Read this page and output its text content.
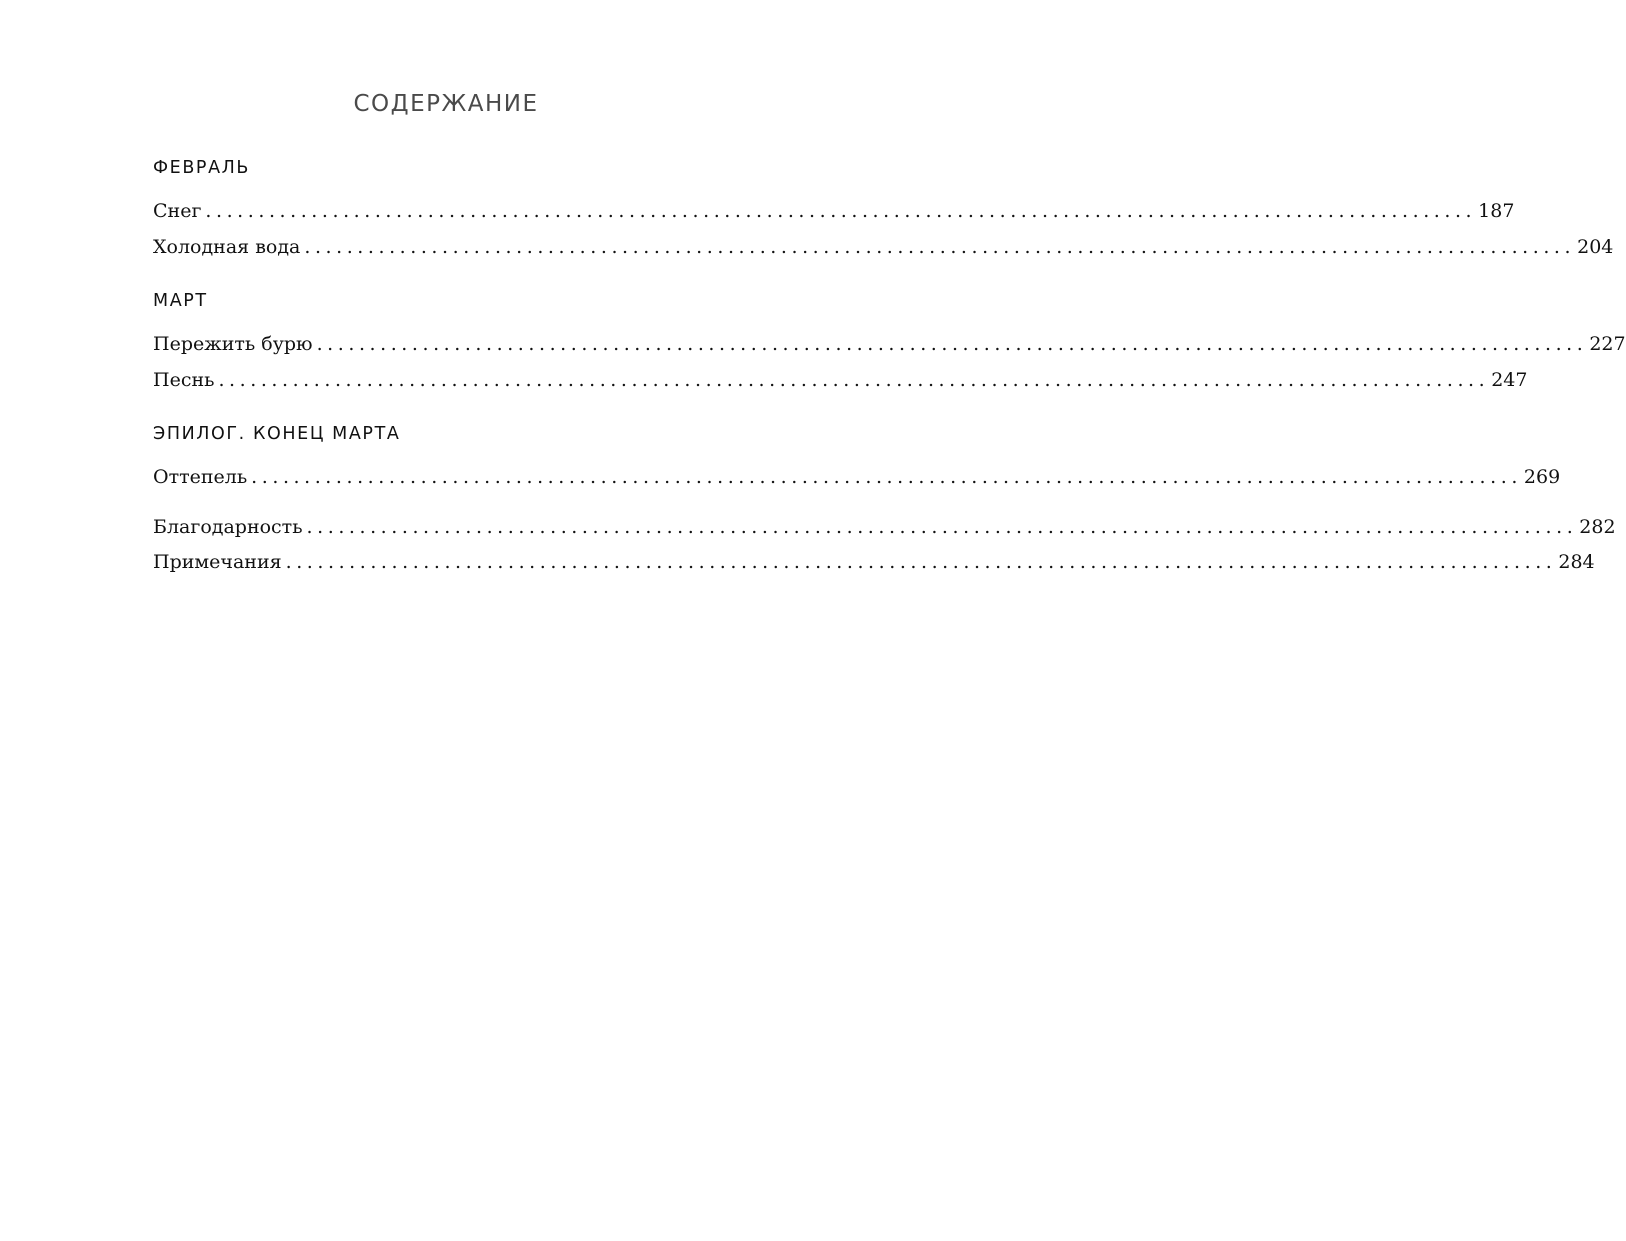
СОДЕРЖАНИЕ
ФЕВРАЛЬ
Снег ........................................................................................................................ 187
Холодная вода ........................................................................................................................ 204
МАРТ
Пережить бурю ........................................................................................................................ 227
Песнь ........................................................................................................................ 247
ЭПИЛОГ. КОНЕЦ МАРТА
Оттепель ........................................................................................................................ 269
Благодарность ........................................................................................................................ 282
Примечания ........................................................................................................................ 284
